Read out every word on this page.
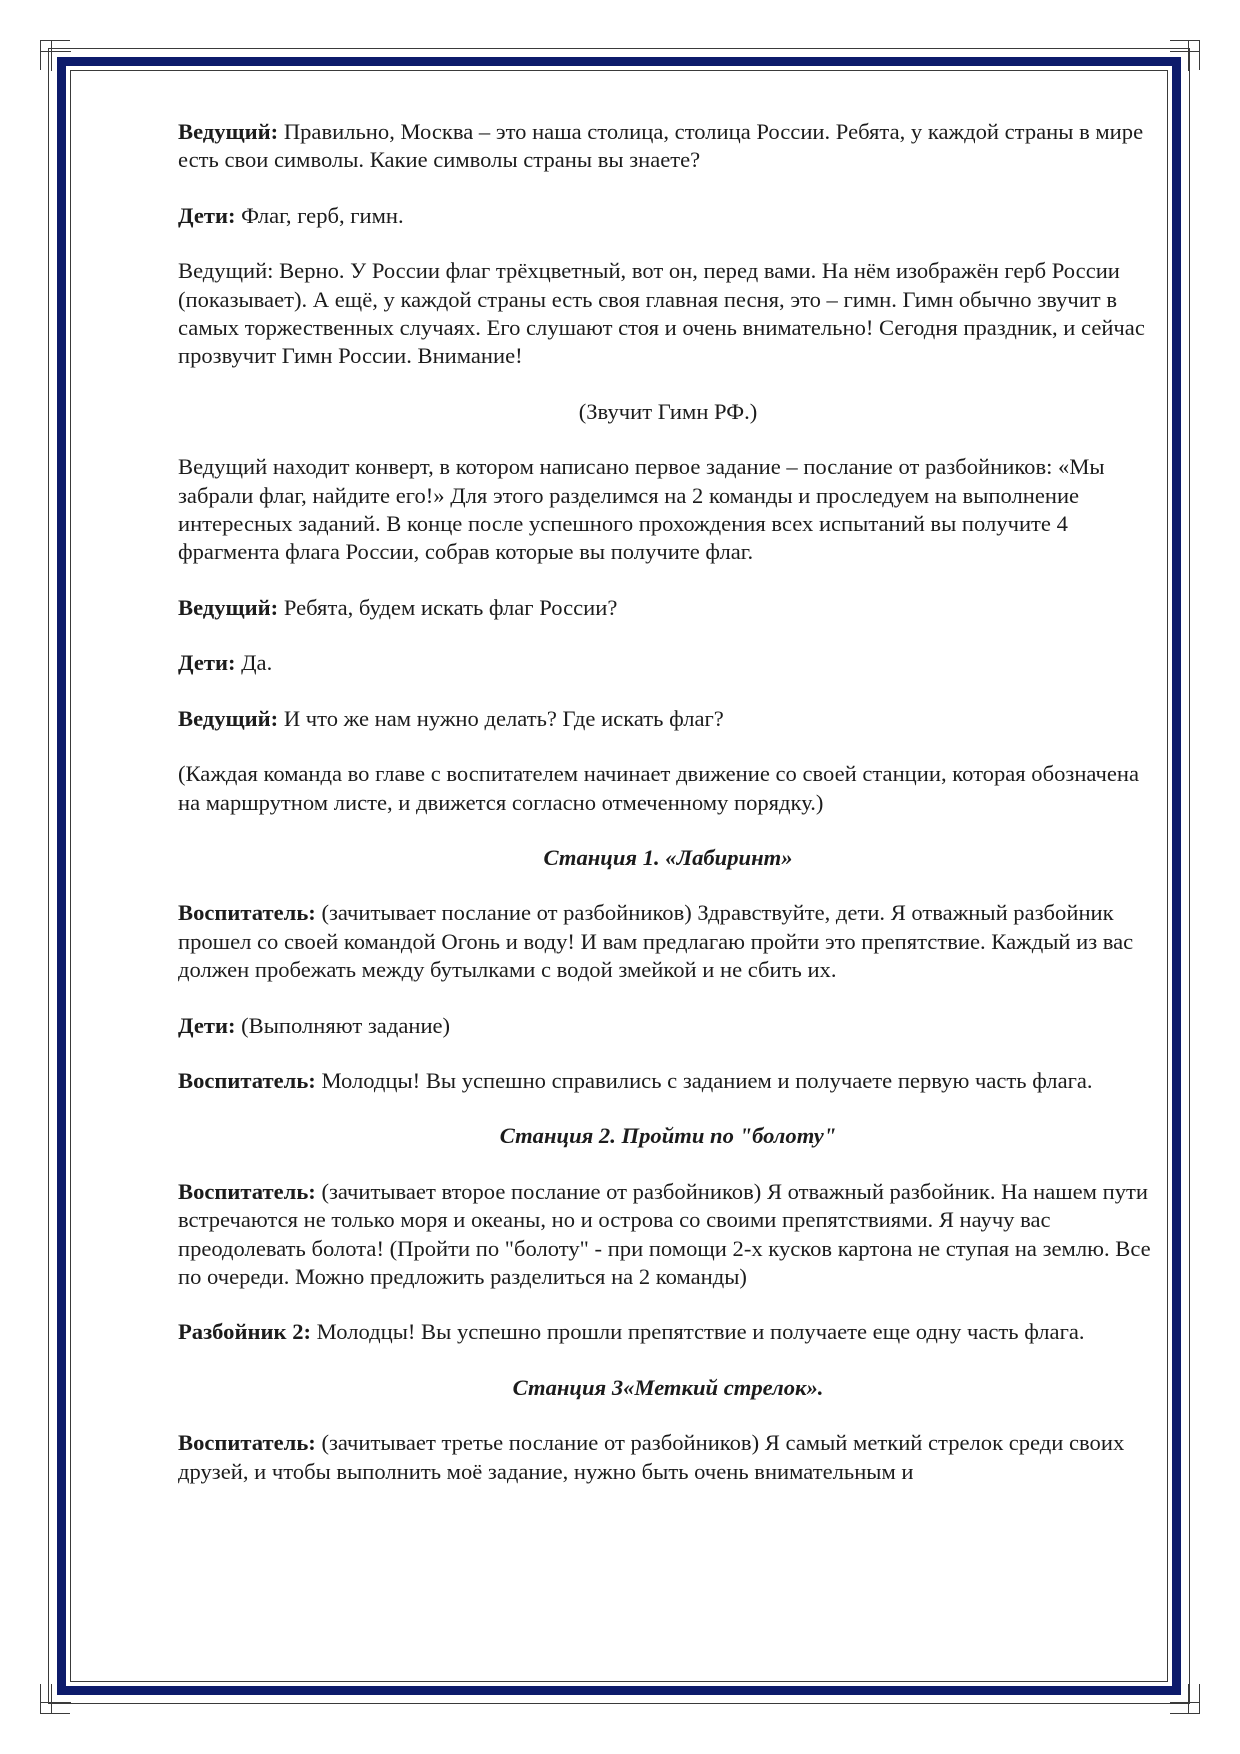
Ведущий: Правильно, Москва – это наша столица, столица России. Ребята, у каждой страны в мире есть свои символы. Какие символы страны вы знаете?

Дети: Флаг, герб, гимн.

Ведущий: Верно. У России флаг трёхцветный, вот он, перед вами. На нём изображён герб России (показывает). А ещё, у каждой страны есть своя главная песня, это – гимн. Гимн обычно звучит в самых торжественных случаях. Его слушают стоя и очень внимательно! Сегодня праздник, и сейчас прозвучит Гимн России. Внимание!

(Звучит Гимн РФ.)

Ведущий находит конверт, в котором написано первое задание – послание от разбойников: «Мы забрали флаг, найдите его!» Для этого разделимся на 2 команды и проследуем на выполнение интересных заданий. В конце после успешного прохождения всех испытаний вы получите 4 фрагмента флага России, собрав которые вы получите флаг.

Ведущий: Ребята, будем искать флаг России?

Дети: Да.

Ведущий: И что же нам нужно делать? Где искать флаг?

(Каждая команда во главе с воспитателем начинает движение со своей станции, которая обозначена на маршрутном листе, и движется согласно отмеченному порядку.)

Станция 1. «Лабиринт»

Воспитатель: (зачитывает послание от разбойников) Здравствуйте, дети. Я отважный разбойник прошел со своей командой Огонь и воду! И вам предлагаю пройти это препятствие. Каждый из вас должен пробежать между бутылками с водой змейкой и не сбить их.

Дети: (Выполняют задание)

Воспитатель: Молодцы! Вы успешно справились с заданием и получаете первую часть флага.

Станция 2. Пройти по "болоту"

Воспитатель: (зачитывает второе послание от разбойников) Я отважный разбойник. На нашем пути встречаются не только моря и океаны, но и острова со своими препятствиями. Я научу вас преодолевать болота! (Пройти по "болоту" - при помощи 2-х кусков картона не ступая на землю. Все по очереди. Можно предложить разделиться на 2 команды)

Разбойник 2: Молодцы! Вы успешно прошли препятствие и получаете еще одну часть флага.

Станция 3«Меткий стрелок».

Воспитатель: (зачитывает третье послание от разбойников) Я самый меткий стрелок среди своих друзей, и чтобы выполнить моё задание, нужно быть очень внимательным и
